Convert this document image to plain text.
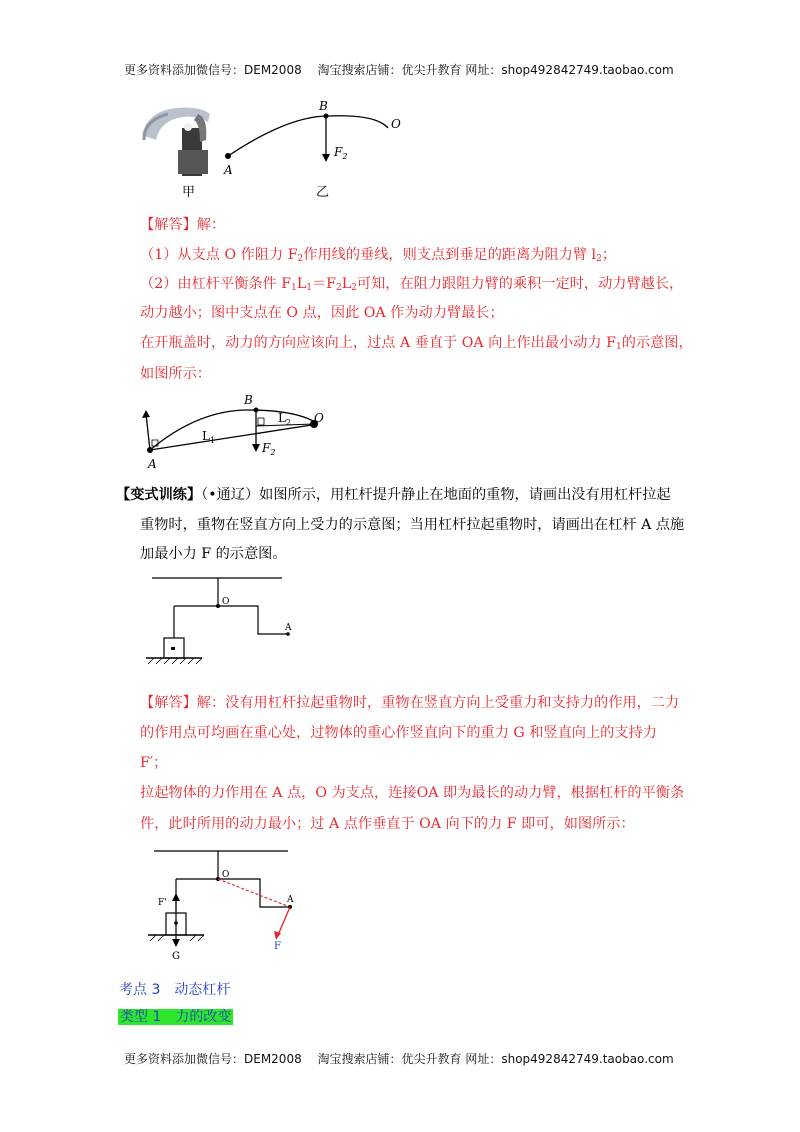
更多资料添加微信号：DEM2008　 淘宝搜索店铺：优尖升教育 网址：shop492842749.taobao.com
甲
A
B
O
$F_2$
乙
【解答】解：
（1）从支点 O 作阻力 $F_2$作用线的垂线，则支点到垂足的距离为阻力臂 $l_2$；
（2）由杠杆平衡条件 $F_1L_1=F_2L_2$可知，在阻力跟阻力臂的乘积一定时，动力臂越长，
动力越小；图中支点在 O 点，因此 OA 作为动力臂最长；
在开瓶盖时，动力的方向应该向上，过点 A 垂直于 OA 向上作出最小动力 $F_1$的示意图，
如图所示：
A
B
O
$L_1$
$L_2$
$F_2$
【变式训练】（•通辽）如图所示，用杠杆提升静止在地面的重物，请画出没有用杠杆拉起
重物时，重物在竖直方向上受力的示意图；当用杠杆拉起重物时，请画出在杠杆 A 点施
加最小力 F 的示意图。
O
A
【解答】解：没有用杠杆拉起重物时，重物在竖直方向上受重力和支持力的作用，二力
的作用点可均画在重心处，过物体的重心作竖直向下的重力 G 和竖直向上的支持力
F′；
拉起物体的力作用在 A 点，O 为支点，连接OA 即为最长的动力臂，根据杠杆的平衡条
件，此时所用的动力最小；过 A 点作垂直于 OA 向下的力 F 即可，如图所示：
O
A
F
F'
G
考点 3　动态杠杆
类型 1　力的改变
更多资料添加微信号：DEM2008　 淘宝搜索店铺：优尖升教育 网址：shop492842749.taobao.com
